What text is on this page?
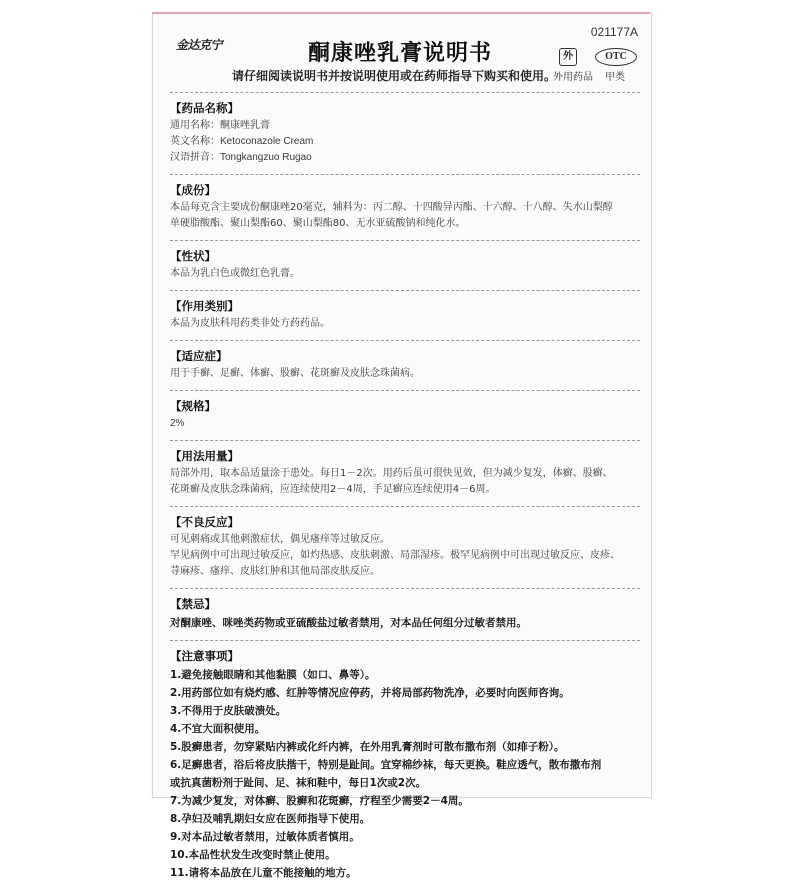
金达克宁
021177A
酮康唑乳膏说明书
请仔细阅读说明书并按说明使用或在药师指导下购买和使用。
外	OTC
外用药品 甲类
【药品名称】
通用名称：酮康唑乳膏
英文名称：Ketoconazole Cream
汉语拼音：Tongkangzuo Rugao
【成份】
本品每克含主要成份酮康唑20毫克，辅料为：丙二醇、十四酸异丙酯、十六醇、十八醇、失水山梨醇
单硬脂酸酯、聚山梨酯60、聚山梨酯80、无水亚硫酸钠和纯化水。
【性状】
本品为乳白色或微红色乳膏。
【作用类别】
本品为皮肤科用药类非处方药药品。
【适应症】
用于手癣、足癣、体癣、股癣、花斑癣及皮肤念珠菌病。
【规格】
2%
【用法用量】
局部外用，取本品适量涂于患处。每日1－2次。用药后虽可很快见效，但为减少复发，体癣、股癣、
花斑癣及皮肤念珠菌病，应连续使用2－4周，手足癣应连续使用4－6周。
【不良反应】
可见刺痛或其他刺激症状，偶见瘙痒等过敏反应。
罕见病例中可出现过敏反应，如灼热感、皮肤刺激、局部湿疹。极罕见病例中可出现过敏反应、皮疹、
荨麻疹、瘙痒、皮肤红肿和其他局部皮肤反应。
【禁忌】
对酮康唑、咪唑类药物或亚硫酸盐过敏者禁用，对本品任何组分过敏者禁用。
【注意事项】
1.避免接触眼睛和其他黏膜（如口、鼻等）。
2.用药部位如有烧灼感、红肿等情况应停药，并将局部药物洗净，必要时向医师咨询。
3.不得用于皮肤破溃处。
4.不宜大面积使用。
5.股癣患者，勿穿紧贴内裤或化纤内裤，在外用乳膏剂时可散布撒布剂（如痱子粉）。
6.足癣患者，浴后将皮肤揩干，特别是趾间。宜穿棉纱袜，每天更换。鞋应透气，散布撒布剂
或抗真菌粉剂于趾间、足、袜和鞋中，每日1次或2次。
7.为减少复发，对体癣、股癣和花斑癣，疗程至少需要2－4周。
8.孕妇及哺乳期妇女应在医师指导下使用。
9.对本品过敏者禁用，过敏体质者慎用。
10.本品性状发生改变时禁止使用。
11.请将本品放在儿童不能接触的地方。
